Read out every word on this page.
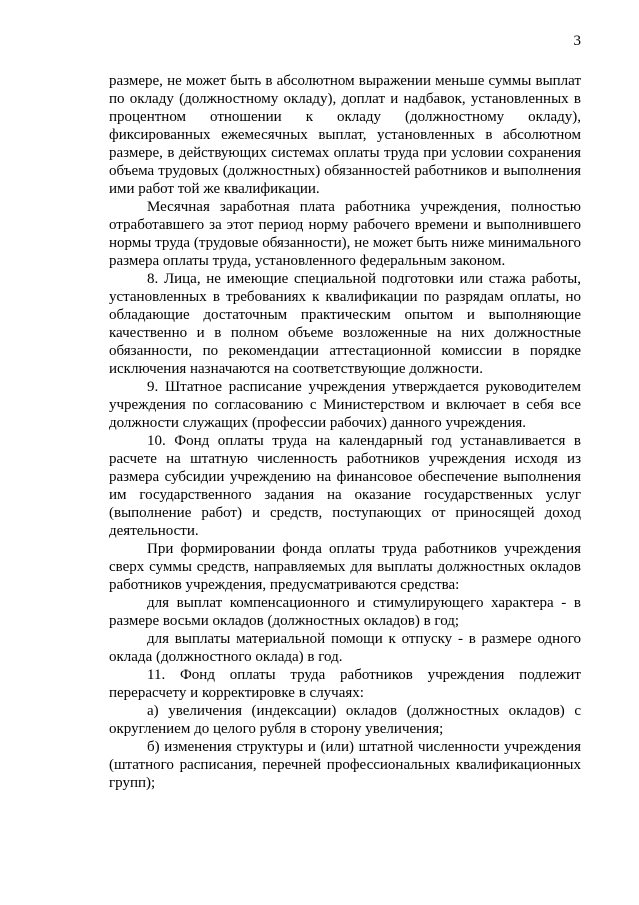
3

размере, не может быть в абсолютном выражении меньше суммы выплат по окладу (должностному окладу), доплат и надбавок, установленных в процентном отношении к окладу (должностному окладу), фиксированных ежемесячных выплат, установленных в абсолютном размере, в действующих системах оплаты труда при условии сохранения объема трудовых (должностных) обязанностей работников и выполнения ими работ той же квалификации.

Месячная заработная плата работника учреждения, полностью отработавшего за этот период норму рабочего времени и выполнившего нормы труда (трудовые обязанности), не может быть ниже минимального размера оплаты труда, установленного федеральным законом.

8. Лица, не имеющие специальной подготовки или стажа работы, установленных в требованиях к квалификации по разрядам оплаты, но обладающие достаточным практическим опытом и выполняющие качественно и в полном объеме возложенные на них должностные обязанности, по рекомендации аттестационной комиссии в порядке исключения назначаются на соответствующие должности.

9. Штатное расписание учреждения утверждается руководителем учреждения по согласованию с Министерством и включает в себя все должности служащих (профессии рабочих) данного учреждения.

10. Фонд оплаты труда на календарный год устанавливается в расчете на штатную численность работников учреждения исходя из размера субсидии учреждению на финансовое обеспечение выполнения им государственного задания на оказание государственных услуг (выполнение работ) и средств, поступающих от приносящей доход деятельности.

При формировании фонда оплаты труда работников учреждения сверх суммы средств, направляемых для выплаты должностных окладов работников учреждения, предусматриваются средства:

для выплат компенсационного и стимулирующего характера - в размере восьми окладов (должностных окладов) в год;

для выплаты материальной помощи к отпуску - в размере одного оклада (должностного оклада) в год.

11. Фонд оплаты труда работников учреждения подлежит перерасчету и корректировке в случаях:

а) увеличения (индексации) окладов (должностных окладов) с округлением до целого рубля в сторону увеличения;

б) изменения структуры и (или) штатной численности учреждения (штатного расписания, перечней профессиональных квалификационных групп);
